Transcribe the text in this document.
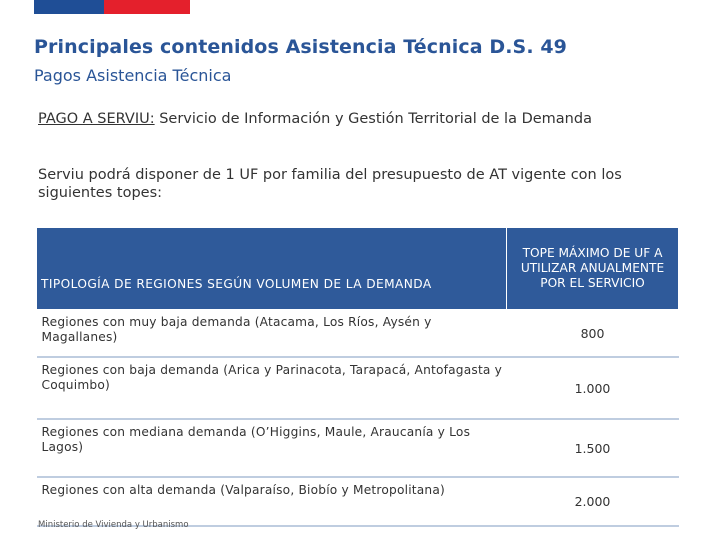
Principales contenidos Asistencia Técnica D.S. 49
Pagos Asistencia Técnica
PAGO A SERVIU: Servicio de Información y Gestión Territorial de la Demanda
Serviu podrá disponer de 1 UF por familia del presupuesto de AT vigente con los siguientes topes:
TIPOLOGÍA DE REGIONES SEGÚN VOLUMEN DE LA DEMANDA	TOPE MÁXIMO DE UF A UTILIZAR ANUALMENTE POR EL SERVICIO
Regiones con muy baja demanda (Atacama, Los Ríos, Aysén y Magallanes)	800

Regiones con baja demanda (Arica y Parinacota, Tarapacá, Antofagasta y Coquimbo)	1.000

Regiones con mediana demanda (O’Higgins, Maule, Araucanía y Los Lagos)	1.500

Regiones con alta demanda (Valparaíso, Biobío y Metropolitana)	2.000

Ministerio de Vivienda y Urbanismo
